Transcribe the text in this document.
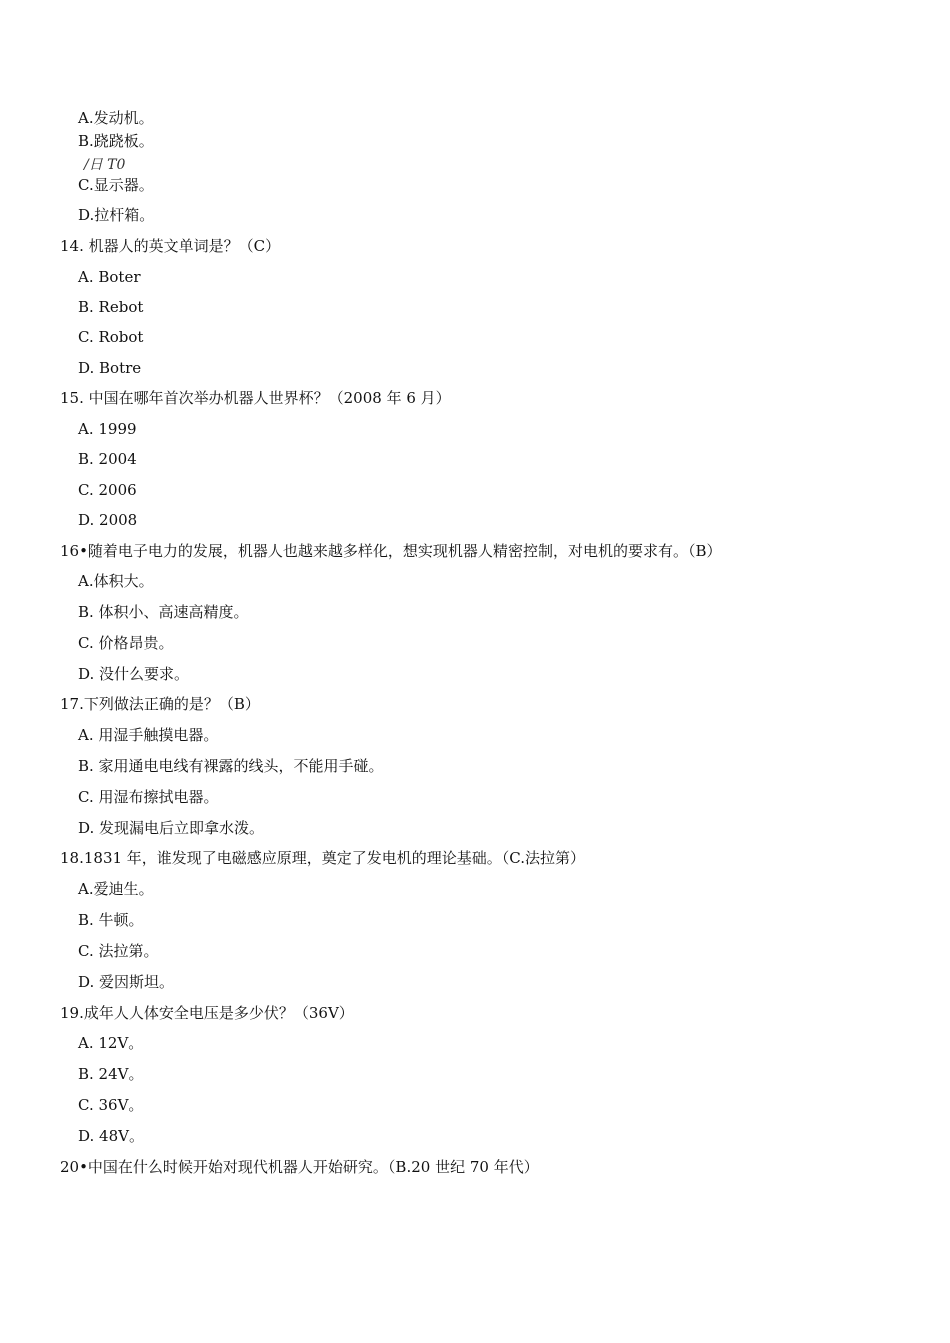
A.发动机。
B.跷跷板。
/日 T0
C.显示器。
D.拉杆箱。
14. 机器人的英文单词是？（C）
A. Boter
B. Rebot
C. Robot
D. Botre
15. 中国在哪年首次举办机器人世界杯？（2008 年 6 月）
A. 1999
B. 2004
C. 2006
D. 2008
16•随着电子电力的发展，机器人也越来越多样化，想实现机器人精密控制，对电机的要求有。（B）
A.体积大。
B. 体积小、高速高精度。
C. 价格昂贵。
D. 没什么要求。
17.下列做法正确的是？（B）
A. 用湿手触摸电器。
B. 家用通电电线有裸露的线头，不能用手碰。
C. 用湿布擦拭电器。
D. 发现漏电后立即拿水泼。
18.1831 年，谁发现了电磁感应原理，奠定了发电机的理论基础。（C.法拉第）
A.爱迪生。
B. 牛顿。
C. 法拉第。
D. 爱因斯坦。
19.成年人人体安全电压是多少伏？（36V）
A. 12V。
B. 24V。
C. 36V。
D. 48V。
20•中国在什么时候开始对现代机器人开始研究。（B.20 世纪 70 年代）
